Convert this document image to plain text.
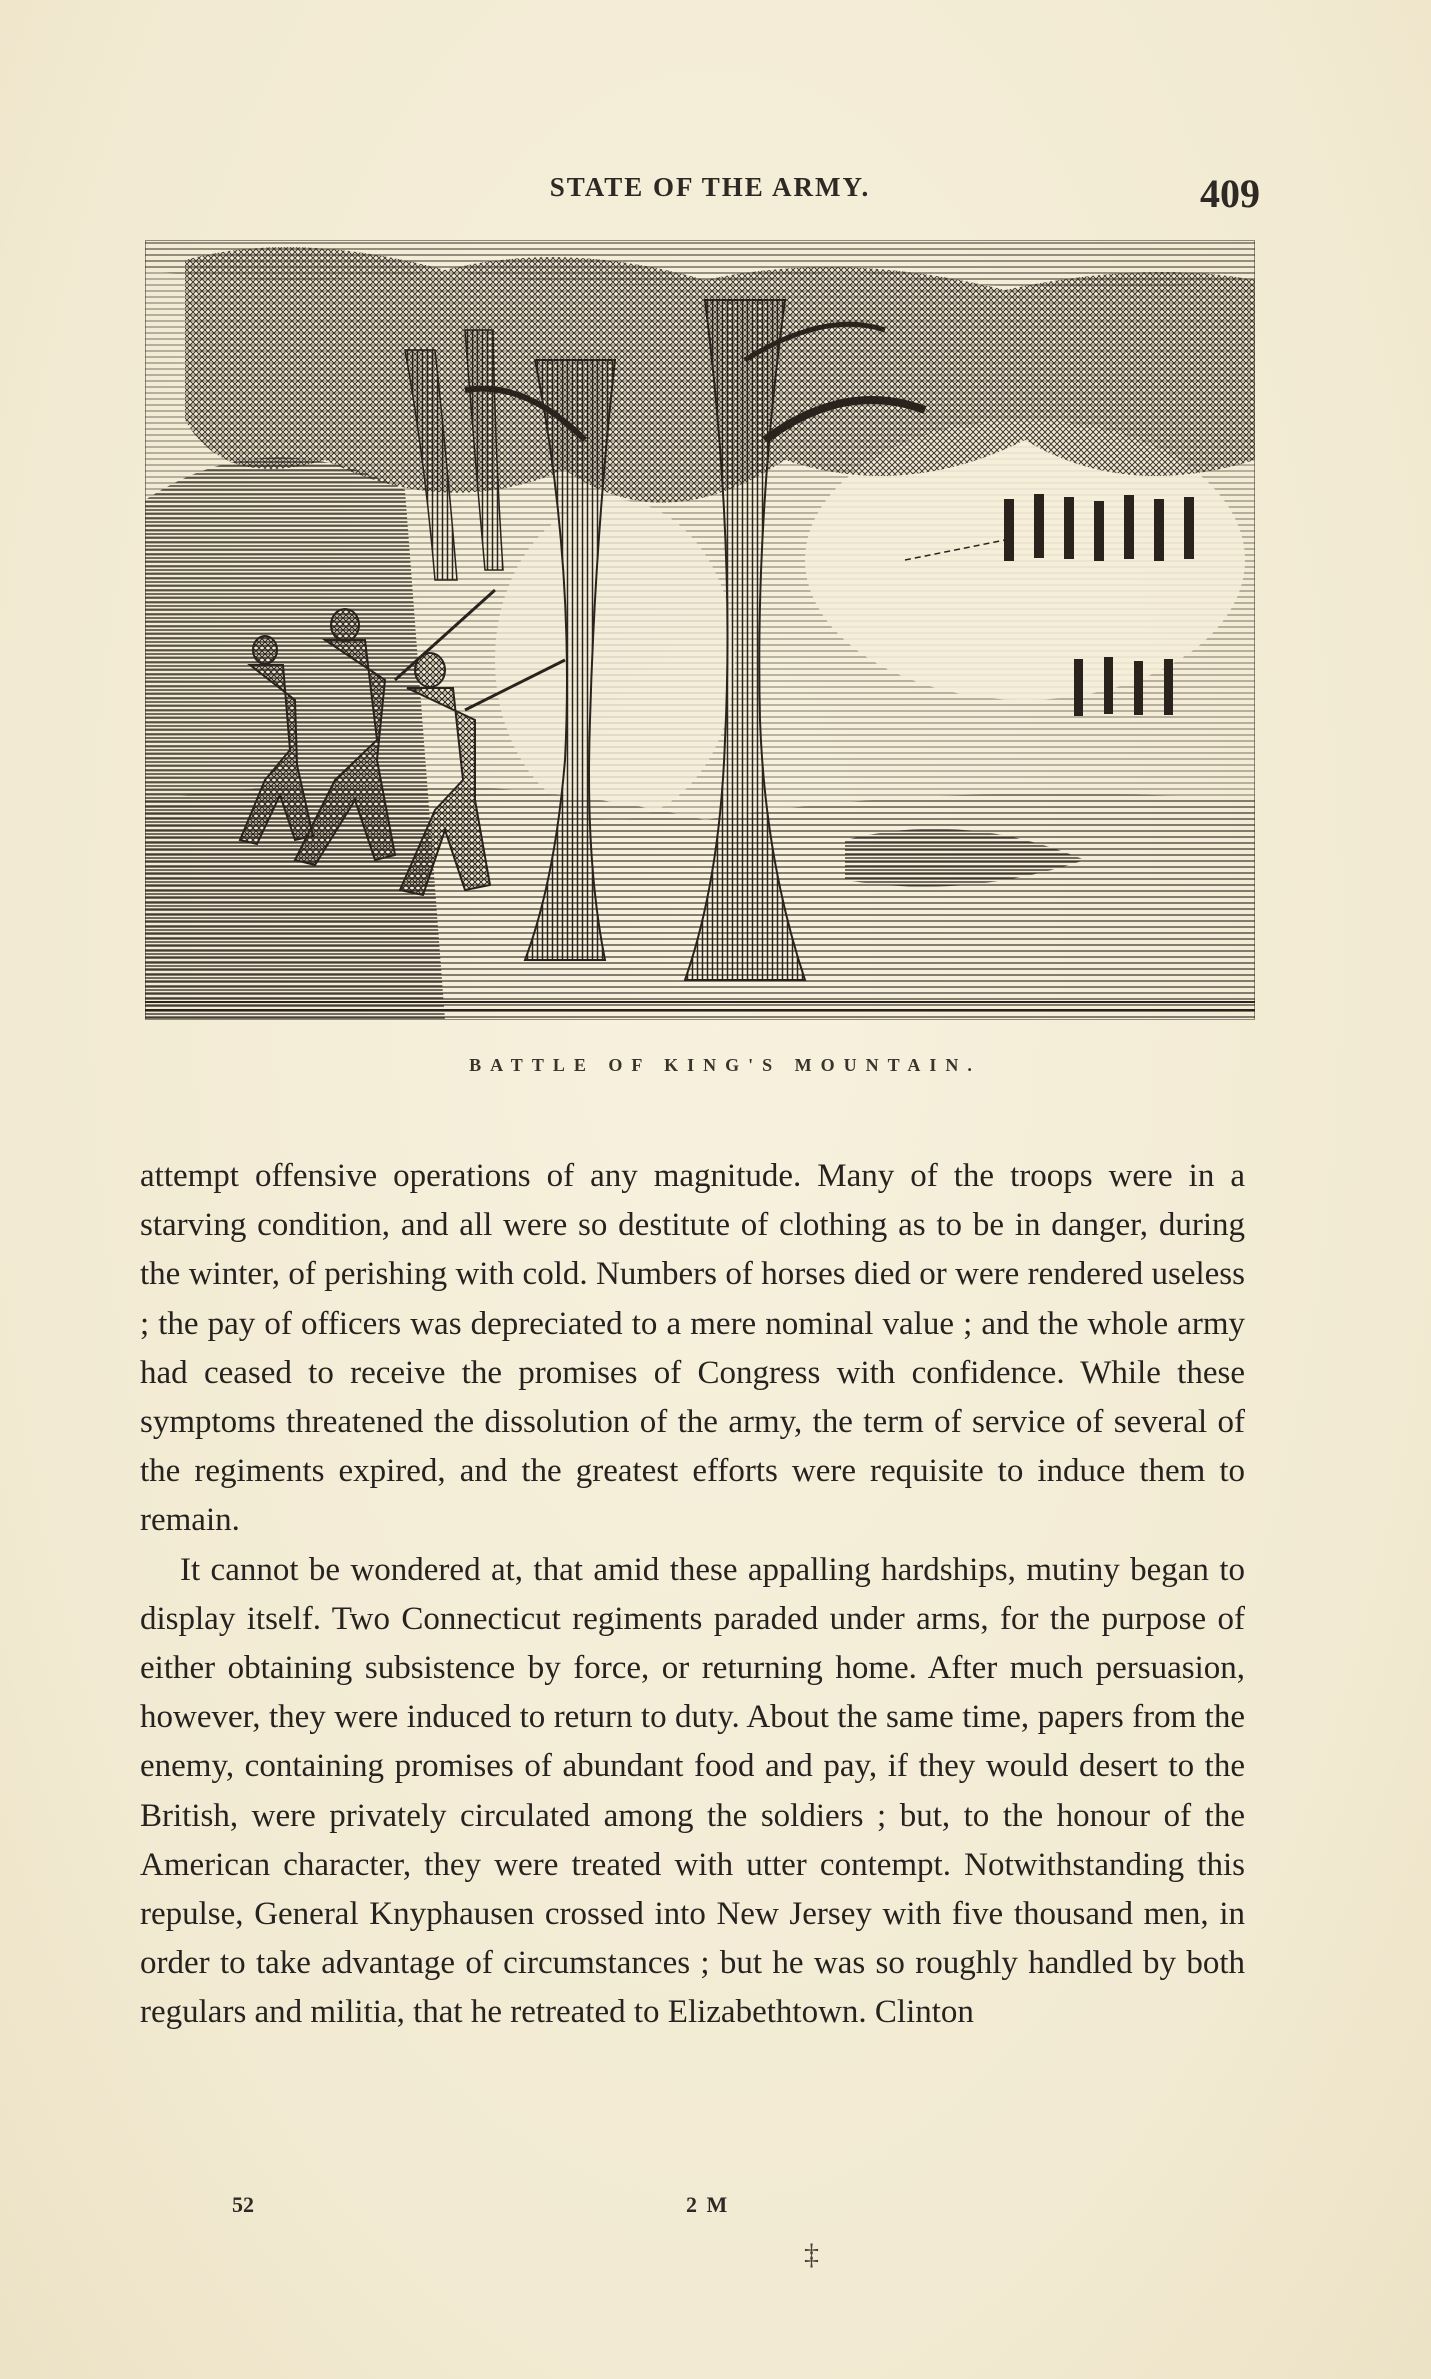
STATE OF THE ARMY.	409
BATTLE OF KING'S MOUNTAIN.

attempt offensive operations of any magnitude. Many of the troops were in a starving condition, and all were so destitute of clothing as to be in danger, during the winter, of perishing with cold. Numbers of horses died or were rendered useless ; the pay of officers was depreciated to a mere nominal value ; and the whole army had ceased to receive the promises of Congress with confidence. While these symptoms threatened the dissolution of the army, the term of service of several of the regiments expired, and the greatest efforts were requisite to induce them to remain.

It cannot be wondered at, that amid these appalling hardships, mutiny began to display itself. Two Connecticut regiments paraded under arms, for the purpose of either obtaining subsistence by force, or returning home. After much persuasion, however, they were induced to return to duty. About the same time, papers from the enemy, containing promises of abundant food and pay, if they would desert to the British, were privately circulated among the soldiers ; but, to the honour of the American character, they were treated with utter contempt. Notwithstanding this repulse, General Knyphausen crossed into New Jersey with five thousand men, in order to take advantage of circumstances ; but he was so roughly handled by both regulars and militia, that he retreated to Elizabethtown. Clinton

52	2 M
‡
